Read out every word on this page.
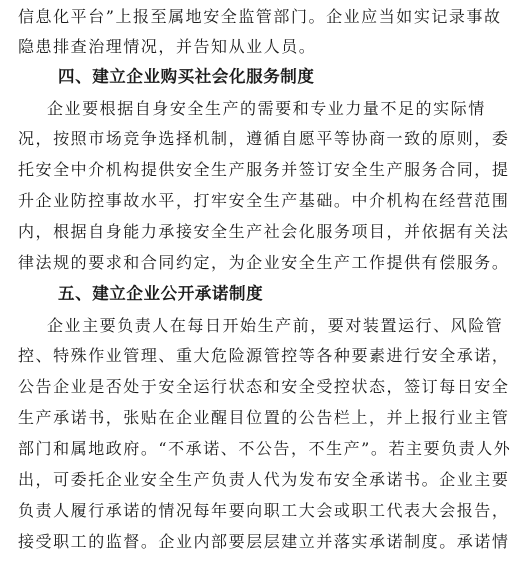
信息化平台”上报至属地安全监管部门。企业应当如实记录事故
隐患排查治理情况，并告知从业人员。
四、建立企业购买社会化服务制度
企业要根据自身安全生产的需要和专业力量不足的实际情
况，按照市场竞争选择机制，遵循自愿平等协商一致的原则，委
托安全中介机构提供安全生产服务并签订安全生产服务合同，提
升企业防控事故水平，打牢安全生产基础。中介机构在经营范围
内，根据自身能力承接安全生产社会化服务项目，并依据有关法
律法规的要求和合同约定，为企业安全生产工作提供有偿服务。
五、建立企业公开承诺制度
企业主要负责人在每日开始生产前，要对装置运行、风险管
控、特殊作业管理、重大危险源管控等各种要素进行安全承诺，
公告企业是否处于安全运行状态和安全受控状态，签订每日安全
生产承诺书，张贴在企业醒目位置的公告栏上，并上报行业主管
部门和属地政府。“不承诺、不公告，不生产”。若主要负责人外
出，可委托企业安全生产负责人代为发布安全承诺书。企业主要
负责人履行承诺的情况每年要向职工大会或职工代表大会报告，
接受职工的监督。企业内部要层层建立并落实承诺制度。承诺情
